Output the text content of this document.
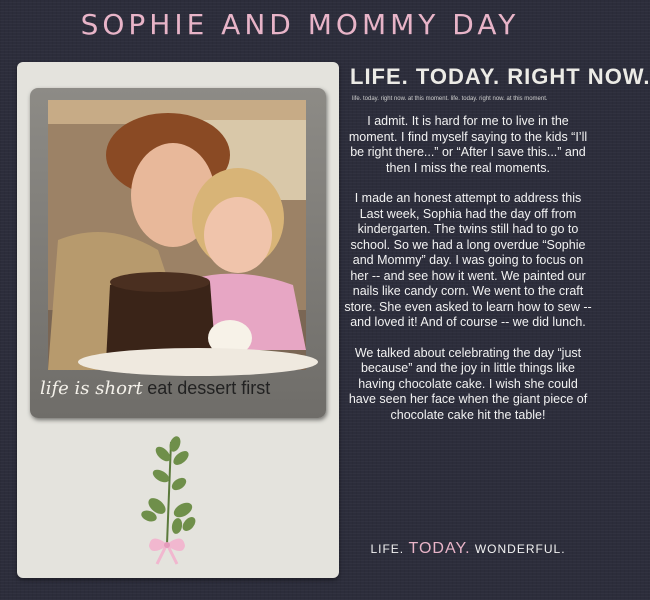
SOPHIE AND MOMMY DAY
life is short eat dessert first
LIFE. TODAY. RIGHT NOW.
life. today. right now. at this moment. life. today. right now. at this moment.

I admit. It is hard for me to live in the moment. I find myself saying to the kids “I’ll be right there...” or “After I save this...” and then I miss the real moments.

I made an honest attempt to address this Last week, Sophia had the day off from kindergarten. The twins still had to go to school. So we had a long overdue “Sophie and Mommy” day. I was going to focus on her -- and see how it went. We painted our nails like candy corn. We went to the craft store. She even asked to learn how to sew -- and loved it! And of course -- we did lunch.

We talked about celebrating the day “just because” and the joy in little things like having chocolate cake. I wish she could have seen her face when the giant piece of chocolate cake hit the table!

LIFE. TODAY. WONDERFUL.
